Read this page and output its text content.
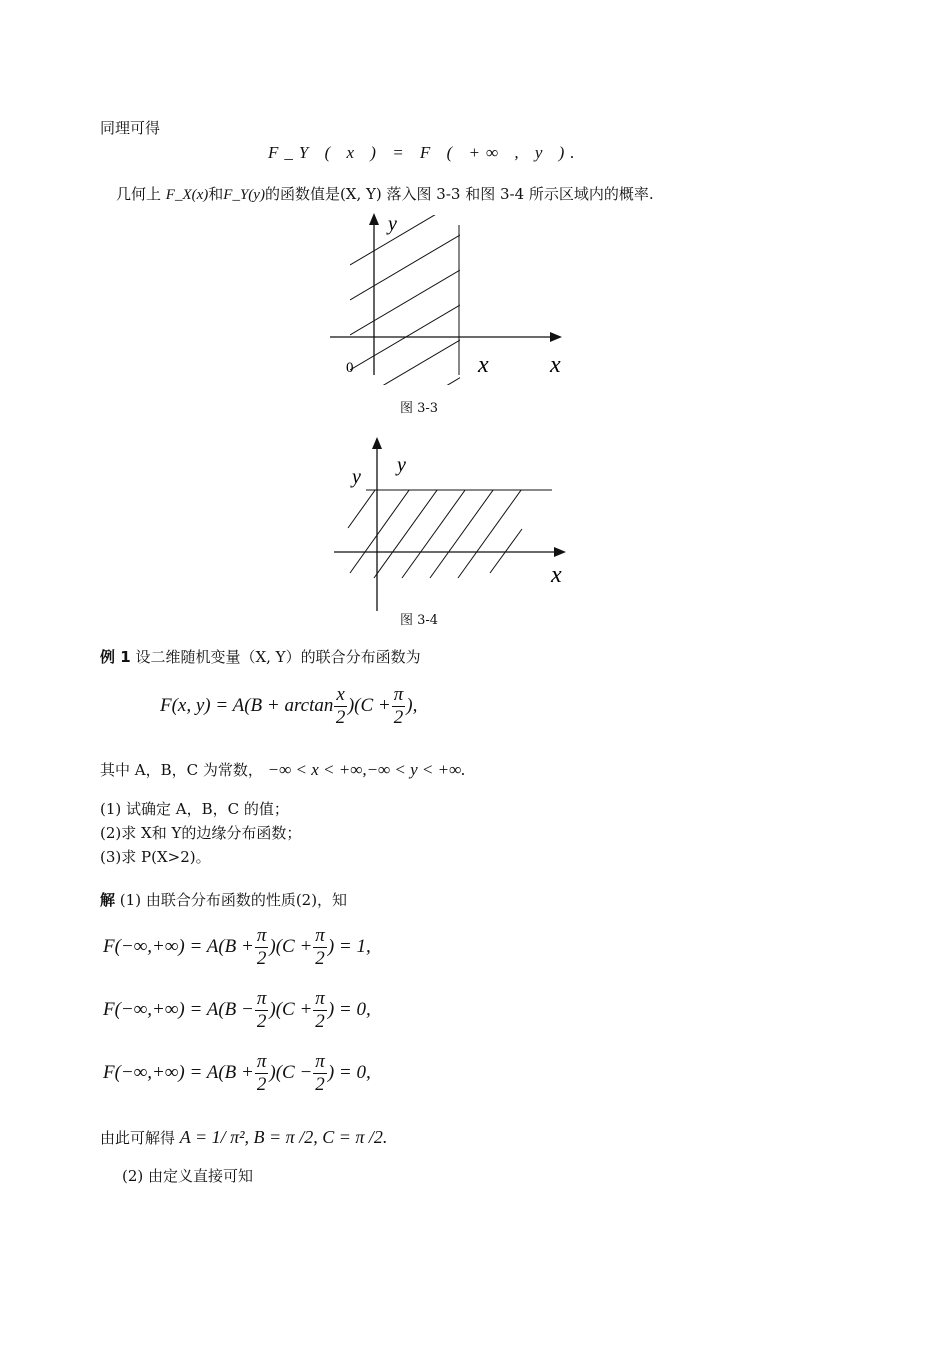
同理可得
F_Y ( x ) = F ( +∞ , y ).
几何上 F_X(x)和F_Y(y)的函数值是(X, Y) 落入图 3-3 和图 3-4 所示区域内的概率.
y
0	x	x
图 3-3
y
y
x
图 3-4
例 1 设二维随机变量（X, Y）的联合分布函数为
F(x, $y) = A(B + \arctan \frac{x}{2} )(C + \frac{\pi}{2}$ ),
其中 A，B，C 为常数， −∞ < x < +∞,−∞ < y < +∞.
(1) 试确定 A，B，C 的值；
(2)求 X和 Y的边缘分布函数；
(3)求 P(X>2)。
解 (1) 由联合分布函数的性质(2)，知
$F(-\infty,+\infty) = A(B + \frac{\pi}{2} )(C + \frac{\pi}{2}$ ) = 1,
$F(-\infty,+\infty) = A(B - \frac{\pi}{2} )(C + \frac{\pi}{2}$ ) = 0,
$F(-\infty,+\infty) = A(B + \frac{\pi}{2} )(C - \frac{\pi}{2}$ ) = 0,
由此可解得 A = 1/ π², B = π /2, C = π /2.
(2) 由定义直接可知
